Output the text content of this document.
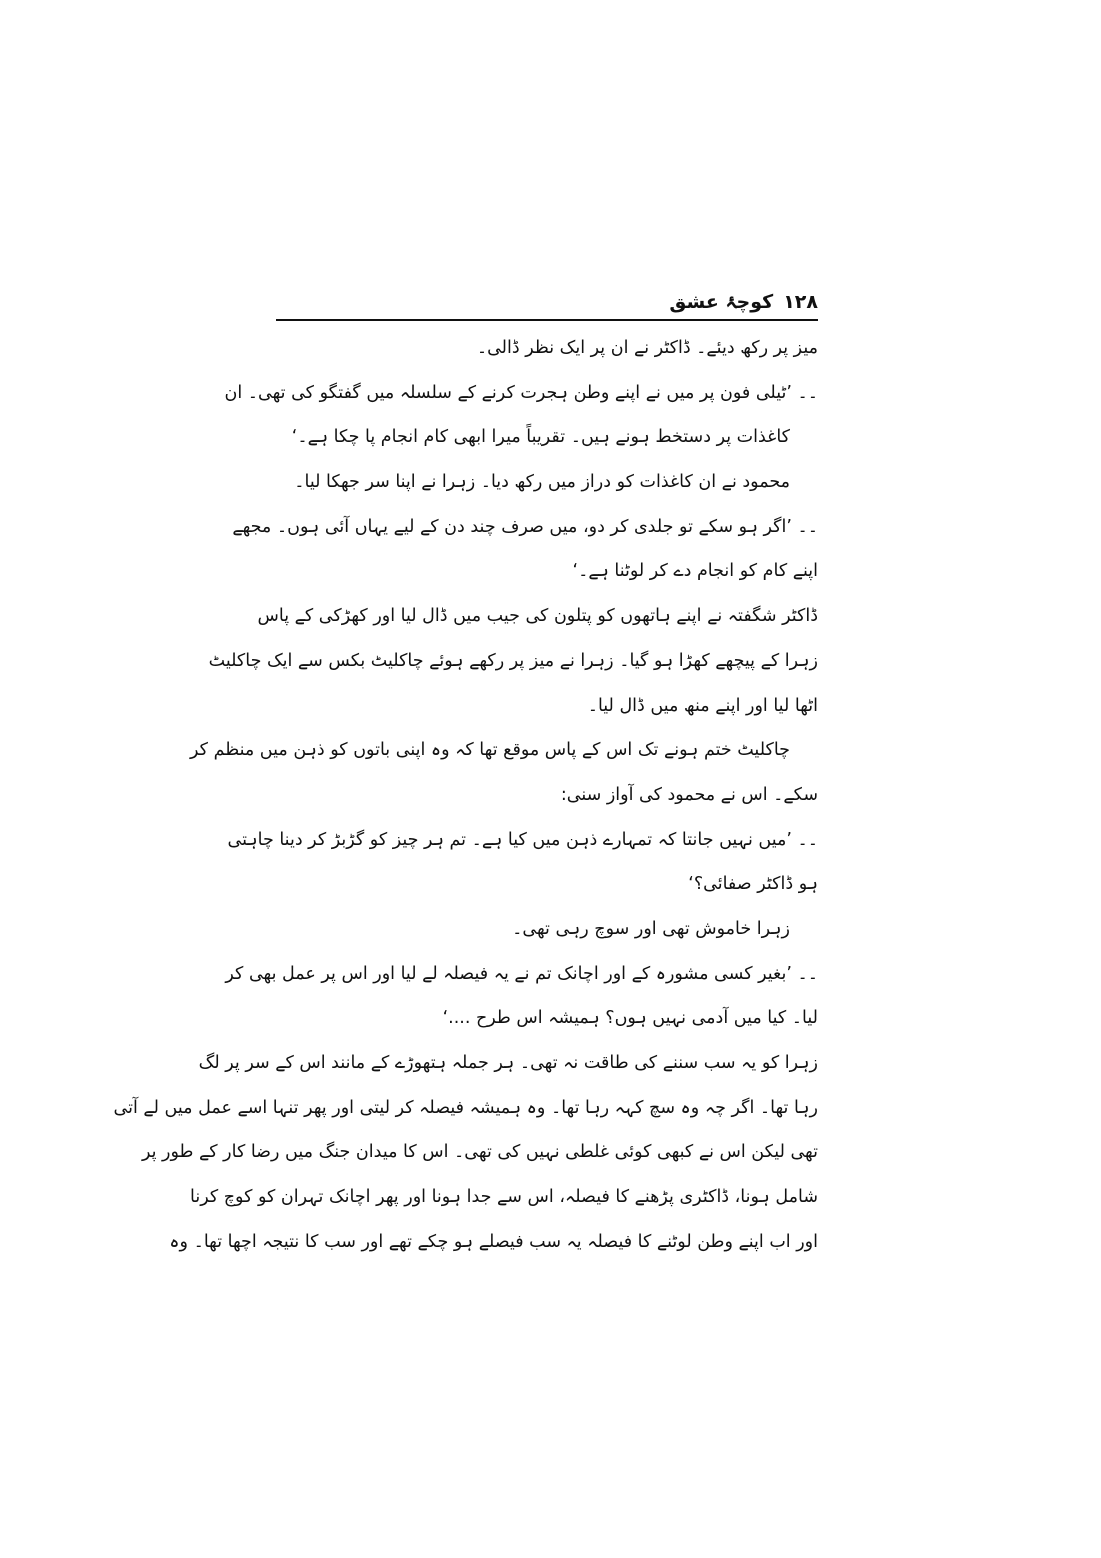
۱۲۸
کوچۂ عشق
میز پر رکھ دیئے۔ ڈاکٹر نے ان پر ایک نظر ڈالی۔
۔۔ ’ٹیلی فون پر میں نے اپنے وطن ہجرت کرنے کے سلسلہ میں گفتگو کی تھی۔ ان
کاغذات پر دستخط ہونے ہیں۔ تقریباً میرا ابھی کام انجام پا چکا ہے۔‘
محمود نے ان کاغذات کو دراز میں رکھ دیا۔ زہرا نے اپنا سر جھکا لیا۔
۔۔ ’اگر ہو سکے تو جلدی کر دو، میں صرف چند دن کے لیے یہاں آئی ہوں۔ مجھے
اپنے کام کو انجام دے کر لوٹنا ہے۔‘
ڈاکٹر شگفتہ نے اپنے ہاتھوں کو پتلون کی جیب میں ڈال لیا اور کھڑکی کے پاس
زہرا کے پیچھے کھڑا ہو گیا۔ زہرا نے میز پر رکھے ہوئے چاکلیٹ بکس سے ایک چاکلیٹ
اٹھا لیا اور اپنے منھ میں ڈال لیا۔
چاکلیٹ ختم ہونے تک اس کے پاس موقع تھا کہ وہ اپنی باتوں کو ذہن میں منظم کر
سکے۔ اس نے محمود کی آواز سنی:
۔۔ ’میں نہیں جانتا کہ تمہارے ذہن میں کیا ہے۔ تم ہر چیز کو گڑبڑ کر دینا چاہتی
ہو ڈاکٹر صفائی؟‘
زہرا خاموش تھی اور سوچ رہی تھی۔
۔۔ ’بغیر کسی مشورہ کے اور اچانک تم نے یہ فیصلہ لے لیا اور اس پر عمل بھی کر
لیا۔ کیا میں آدمی نہیں ہوں؟ ہمیشہ اس طرح ....‘
زہرا کو یہ سب سننے کی طاقت نہ تھی۔ ہر جملہ ہتھوڑے کے مانند اس کے سر پر لگ
رہا تھا۔ اگر چہ وہ سچ کہہ رہا تھا۔ وہ ہمیشہ فیصلہ کر لیتی اور پھر تنہا اسے عمل میں لے آتی
تھی لیکن اس نے کبھی کوئی غلطی نہیں کی تھی۔ اس کا میدان جنگ میں رضا کار کے طور پر
شامل ہونا، ڈاکٹری پڑھنے کا فیصلہ، اس سے جدا ہونا اور پھر اچانک تہران کو کوچ کرنا
اور اب اپنے وطن لوٹنے کا فیصلہ یہ سب فیصلے ہو چکے تھے اور سب کا نتیجہ اچھا تھا۔ وہ
